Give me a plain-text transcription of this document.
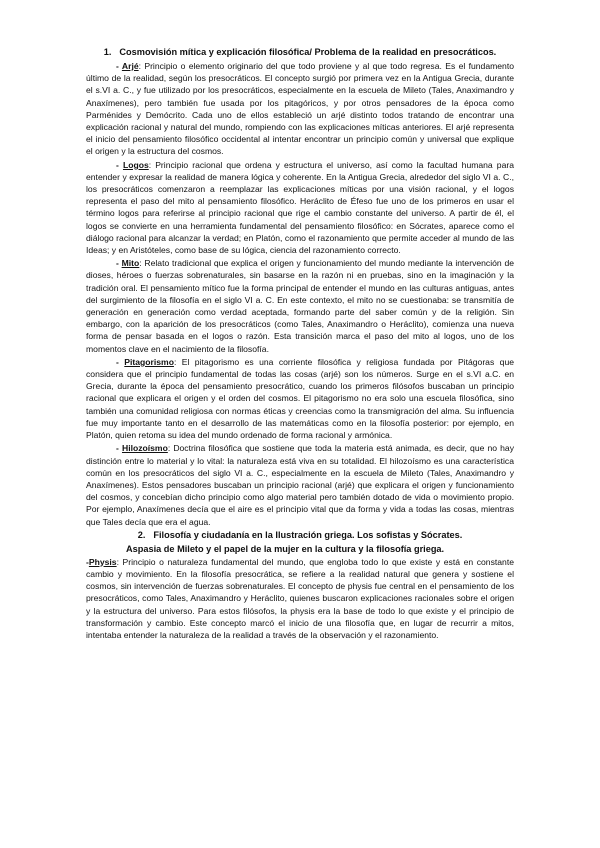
1. Cosmovisión mítica y explicación filosófica/ Problema de la realidad en presocráticos.

- Arjé: Principio o elemento originario del que todo proviene y al que todo regresa. Es el fundamento último de la realidad, según los presocráticos. El concepto surgió por primera vez en la Antigua Grecia, durante el s.VI a. C., y fue utilizado por los presocráticos, especialmente en la escuela de Mileto (Tales, Anaximandro y Anaxímenes), pero también fue usada por los pitagóricos, y por otros pensadores de la época como Parménides y Demócrito. Cada uno de ellos estableció un arjé distinto todos tratando de encontrar una explicación racional y natural del mundo, rompiendo con las explicaciones míticas anteriores. El arjé representa el inicio del pensamiento filosófico occidental al intentar encontrar un principio común y universal que explique el origen y la estructura del cosmos.

- Logos: Principio racional que ordena y estructura el universo, así como la facultad humana para entender y expresar la realidad de manera lógica y coherente. En la Antigua Grecia, alrededor del siglo VI a. C., los presocráticos comenzaron a reemplazar las explicaciones míticas por una visión racional, y el logos representa el paso del mito al pensamiento filosófico. Heráclito de Éfeso fue uno de los primeros en usar el término logos para referirse al principio racional que rige el cambio constante del universo. A partir de él, el logos se convierte en una herramienta fundamental del pensamiento filosófico: en Sócrates, aparece como el diálogo racional para alcanzar la verdad; en Platón, como el razonamiento que permite acceder al mundo de las Ideas; y en Aristóteles, como base de su lógica, ciencia del razonamiento correcto.

- Mito: Relato tradicional que explica el origen y funcionamiento del mundo mediante la intervención de dioses, héroes o fuerzas sobrenaturales, sin basarse en la razón ni en pruebas, sino en la imaginación y la tradición oral. El pensamiento mítico fue la forma principal de entender el mundo en las culturas antiguas, antes del surgimiento de la filosofía en el siglo VI a. C. En este contexto, el mito no se cuestionaba: se transmitía de generación en generación como verdad aceptada, formando parte del saber común y de la religión. Sin embargo, con la aparición de los presocráticos (como Tales, Anaximandro o Heráclito), comienza una nueva forma de pensar basada en el logos o razón. Esta transición marca el paso del mito al logos, uno de los momentos clave en el nacimiento de la filosofía.

- Pitagorismo: El pitagorismo es una corriente filosófica y religiosa fundada por Pitágoras que considera que el principio fundamental de todas las cosas (arjé) son los números. Surge en el s.VI a.C. en Grecia, durante la época del pensamiento presocrático, cuando los primeros filósofos buscaban un principio racional que explicara el origen y el orden del cosmos. El pitagorismo no era solo una escuela filosófica, sino también una comunidad religiosa con normas éticas y creencias como la transmigración del alma. Su influencia fue muy importante tanto en el desarrollo de las matemáticas como en la filosofía posterior: por ejemplo, en Platón, quien retoma su idea del mundo ordenado de forma racional y armónica.

- Hilozoísmo: Doctrina filosófica que sostiene que toda la materia está animada, es decir, que no hay distinción entre lo material y lo vital: la naturaleza está viva en su totalidad. El hilozoísmo es una característica común en los presocráticos del siglo VI a. C., especialmente en la escuela de Mileto (Tales, Anaximandro y Anaxímenes). Estos pensadores buscaban un principio racional (arjé) que explicara el origen y funcionamiento del cosmos, y concebían dicho principio como algo material pero también dotado de vida o movimiento propio. Por ejemplo, Anaxímenes decía que el aire es el principio vital que da forma y vida a todas las cosas, mientras que Tales decía que era el agua.

2. Filosofía y ciudadanía en la Ilustración griega. Los sofistas y Sócrates.
Aspasia de Mileto y el papel de la mujer en la cultura y la filosofía griega.

-Physis: Principio o naturaleza fundamental del mundo, que engloba todo lo que existe y está en constante cambio y movimiento. En la filosofía presocrática, se refiere a la realidad natural que genera y sostiene el cosmos, sin intervención de fuerzas sobrenaturales. El concepto de physis fue central en el pensamiento de los presocráticos, como Tales, Anaximandro y Heráclito, quienes buscaron explicaciones racionales sobre el origen y la estructura del universo. Para estos filósofos, la physis era la base de todo lo que existe y el principio de transformación y cambio. Este concepto marcó el inicio de una filosofía que, en lugar de recurrir a mitos, intentaba entender la naturaleza de la realidad a través de la observación y el razonamiento.
